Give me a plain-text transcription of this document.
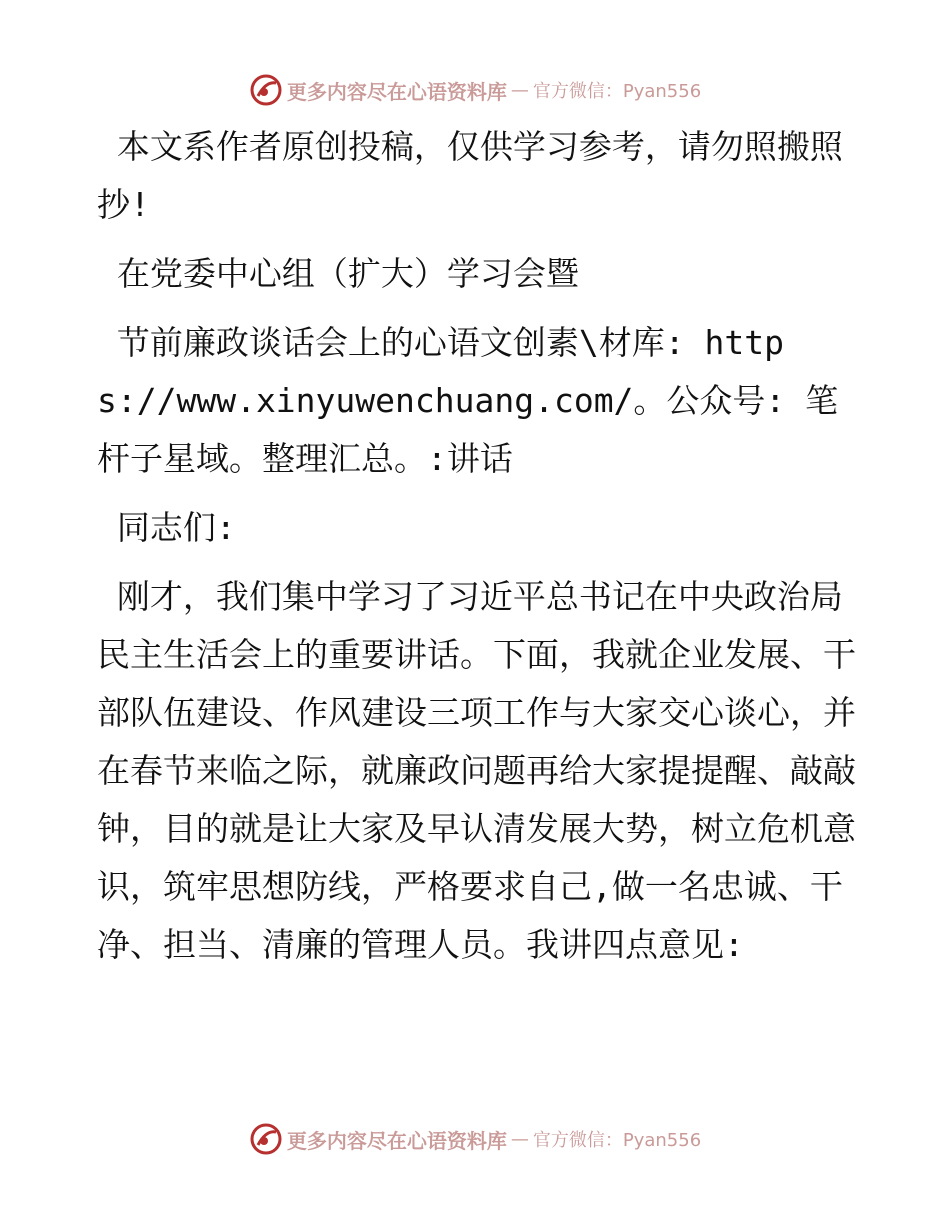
更多内容尽在心语资料库 — 官方微信：Pyan556

本文系作者原创投稿，仅供学习参考，请勿照搬照抄!

在党委中心组（扩大）学习会暨

节前廉政谈话会上的心语文创素\材库: https://www.xinyuwenchuang.com/。公众号: 笔杆子星域。整理汇总。:讲话

同志们:

刚才，我们集中学习了习近平总书记在中央政治局民主生活会上的重要讲话。下面，我就企业发展、干部队伍建设、作风建设三项工作与大家交心谈心，并在春节来临之际，就廉政问题再给大家提提醒、敲敲钟，目的就是让大家及早认清发展大势，树立危机意识，筑牢思想防线，严格要求自己,做一名忠诚、干净、担当、清廉的管理人员。我讲四点意见:

更多内容尽在心语资料库 — 官方微信：Pyan556
